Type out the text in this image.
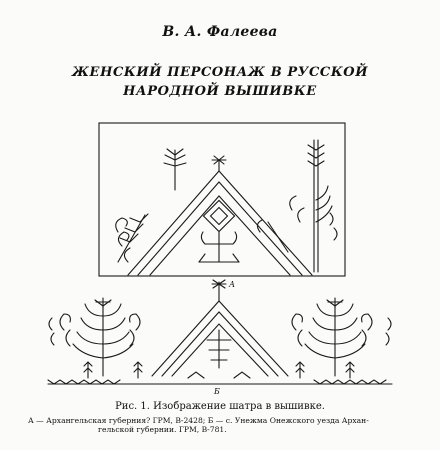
В. А. Фалеева
ЖЕНСКИЙ ПЕРСОНАЖ В РУССКОЙ
НАРОДНОЙ ВЫШИВКЕ
А
Б
Рис. 1. Изображение шатра в вышивке.
А — Архангельская губерния? ГРМ, В-2428; Б — с. Унежма Онежского уезда Архан-
гельской губернии. ГРМ, В-781.
